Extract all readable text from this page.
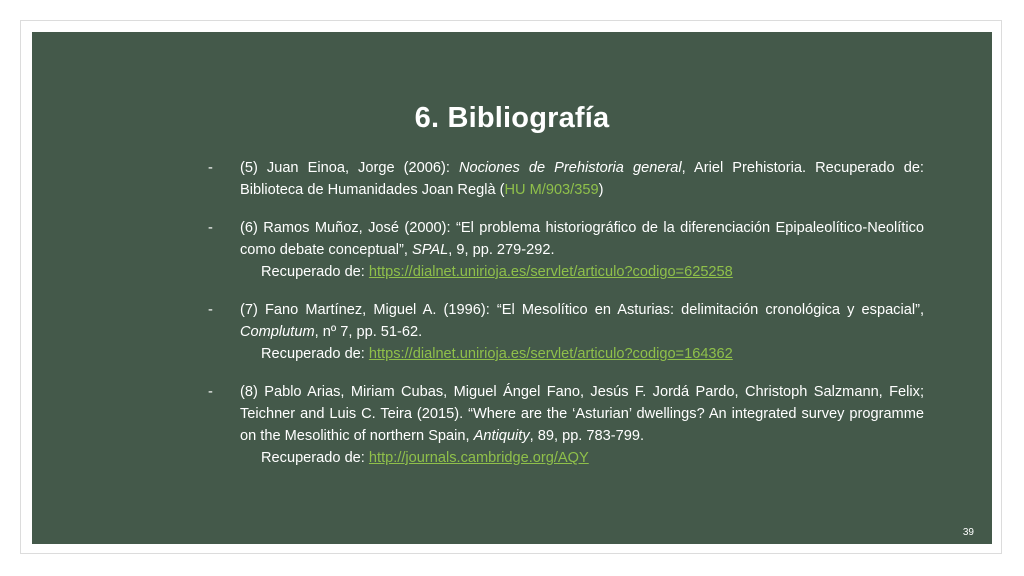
6. Bibliografía
- (5) Juan Einoa, Jorge (2006): Nociones de Prehistoria general, Ariel Prehistoria. Recuperado de: Biblioteca de Humanidades Joan Reglà (HU M/903/359)
- (6) Ramos Muñoz, José (2000): “El problema historiográfico de la diferenciación Epipaleolítico-Neolítico como debate conceptual”, SPAL, 9, pp. 279-292.
Recuperado de: https://dialnet.unirioja.es/servlet/articulo?codigo=625258
- (7) Fano Martínez, Miguel A. (1996): “El Mesolítico en Asturias: delimitación cronológica y espacial”, Complutum, nº 7, pp. 51-62.
Recuperado de: https://dialnet.unirioja.es/servlet/articulo?codigo=164362
- (8) Pablo Arias, Miriam Cubas, Miguel Ángel Fano, Jesús F. Jordá Pardo, Christoph Salzmann, Felix; Teichner and Luis C. Teira (2015). “Where are the ‘Asturian’ dwellings? An integrated survey programme on the Mesolithic of northern Spain, Antiquity, 89, pp. 783-799.
Recuperado de: http://journals.cambridge.org/AQY
39
